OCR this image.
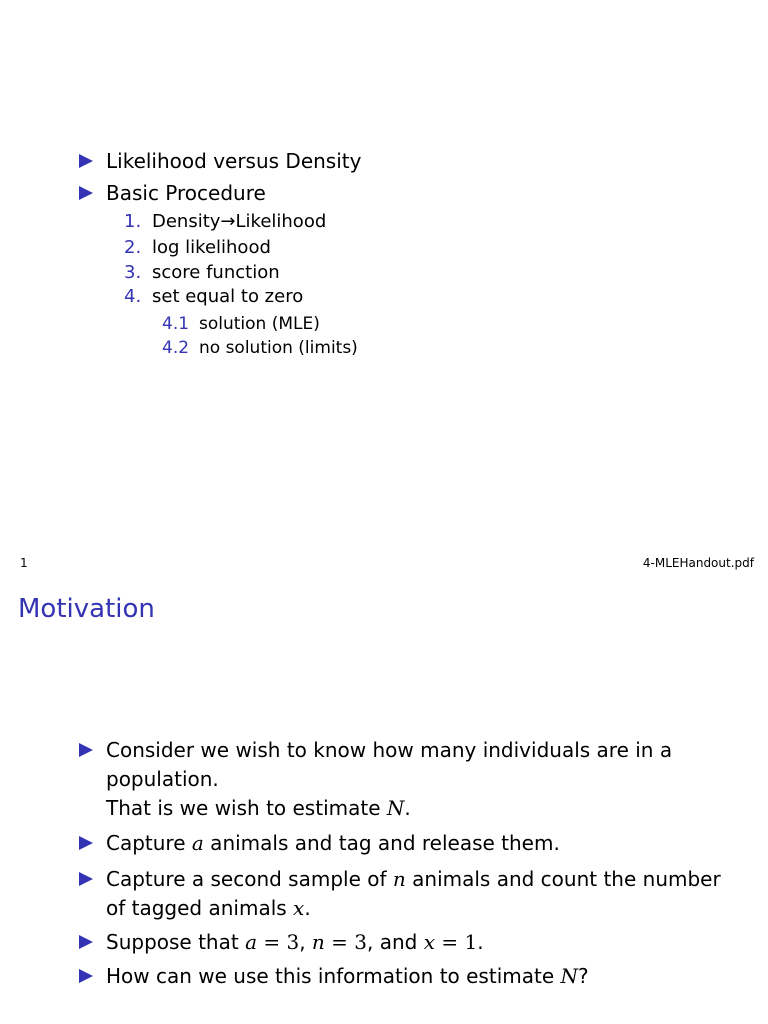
Likelihood versus Density
Basic Procedure
1. Density→Likelihood
2. log likelihood
3. score function
4. set equal to zero
4.1 solution (MLE)
4.2 no solution (limits)
1	4-MLEHandout.pdf
Motivation
Consider we wish to know how many individuals are in a
population.
That is we wish to estimate N.
Capture a animals and tag and release them.
Capture a second sample of n animals and count the number
of tagged animals x.
Suppose that a = 3, n = 3, and x = 1.
How can we use this information to estimate N?
